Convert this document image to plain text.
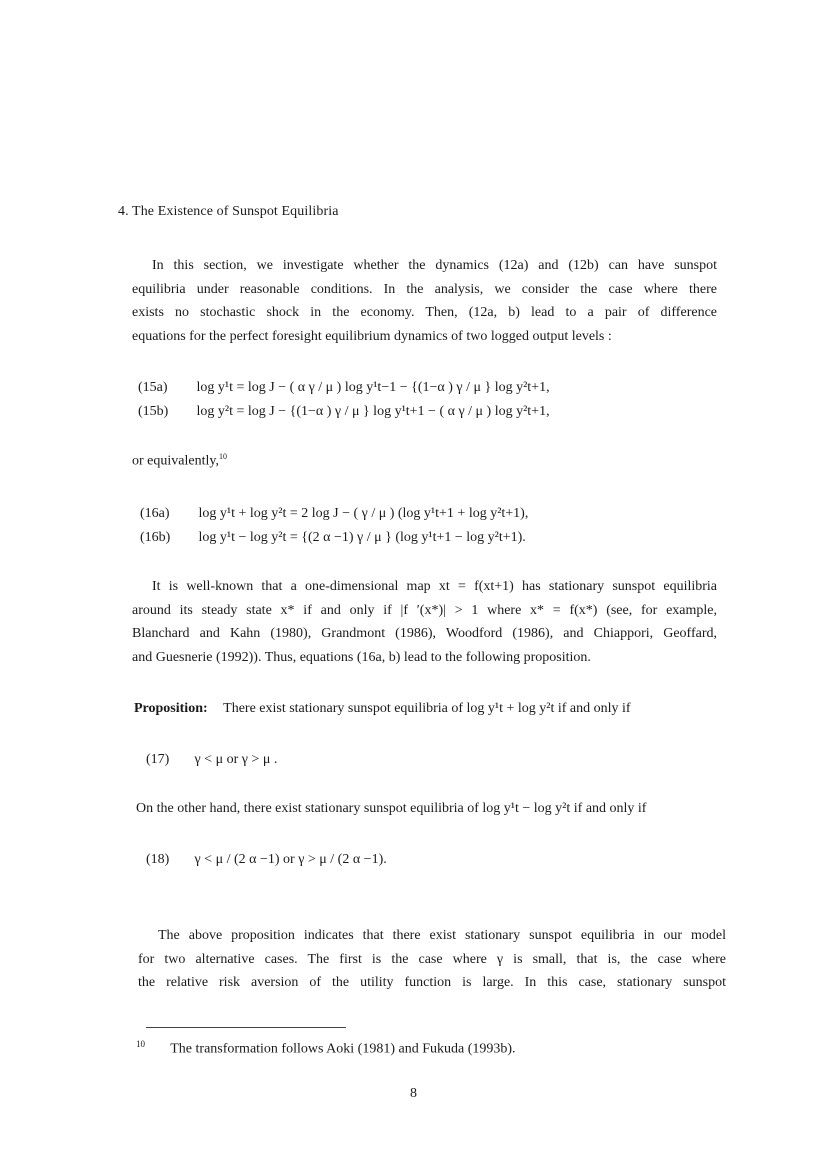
4. The Existence of Sunspot Equilibria
In this section, we investigate whether the dynamics (12a) and (12b) can have sunspot
equilibria under reasonable conditions. In the analysis, we consider the case where there
exists no stochastic shock in the economy. Then, (12a, b) lead to a pair of difference
equations for the perfect foresight equilibrium dynamics of two logged output levels :
(15a) log y¹t = log J − ( α γ / μ ) log y¹t−1 − {(1−α ) γ / μ } log y²t+1,
(15b) log y²t = log J − {(1−α ) γ / μ } log y¹t+1 − ( α γ / μ ) log y²t+1,
or equivalently,$^{10}$
(16a) log y¹t + log y²t = 2 log J − ( γ / μ ) (log y¹t+1 + log y²t+1),
(16b) log y¹t − log y²t = {(2 α −1) γ / μ } (log y¹t+1 − log y²t+1).
It is well-known that a one-dimensional map xt = f(xt+1) has stationary sunspot equilibria
around its steady state x* if and only if |f ′(x*)| > 1 where x* = f(x*) (see, for example,
Blanchard and Kahn (1980), Grandmont (1986), Woodford (1986), and Chiappori, Geoffard,
and Guesnerie (1992)). Thus, equations (16a, b) lead to the following proposition.
Proposition: There exist stationary sunspot equilibria of log y¹t + log y²t if and only if
(17) γ < μ or γ > μ .
On the other hand, there exist stationary sunspot equilibria of log y¹t − log y²t if and only if
(18) γ < μ / (2 α −1) or γ > μ / (2 α −1).
The above proposition indicates that there exist stationary sunspot equilibria in our model
for two alternative cases. The first is the case where γ is small, that is, the case where
the relative risk aversion of the utility function is large. In this case, stationary sunspot
$^{10}$ The transformation follows Aoki (1981) and Fukuda (1993b).
8
